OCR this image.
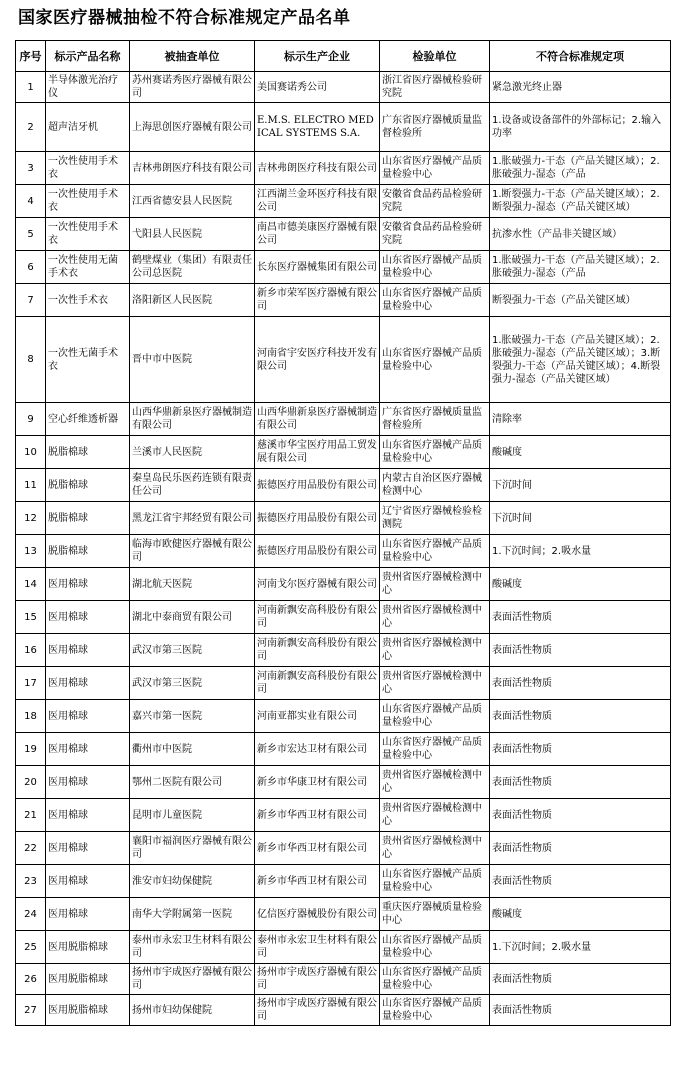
国家医疗器械抽检不符合标准规定产品名单
序号	标示产品名称	被抽查单位	标示生产企业	检验单位	不符合标准规定项
1	半导体激光治疗仪	苏州赛诺秀医疗器械有限公司	美国赛诺秀公司	浙江省医疗器械检验研究院	紧急激光终止器
2	超声洁牙机	上海思创医疗器械有限公司	E.M.S. ELECTRO MEDICAL SYSTEMS S.A.	广东省医疗器械质量监督检验所	1.设备或设备部件的外部标记；2.输入功率
3	一次性使用手术衣	吉林弗朗医疗科技有限公司	吉林弗朗医疗科技有限公司	山东省医疗器械产品质量检验中心	1.胀破强力-干态（产品关键区域）；2.胀破强力-湿态（产品
4	一次性使用手术衣	江西省德安县人民医院	江西湖兰金环医疗科技有限公司	安徽省食品药品检验研究院	1.断裂强力-干态（产品关键区域）；2.断裂强力-湿态（产品关键区域）
5	一次性使用手术衣	弋阳县人民医院	南昌市德美康医疗器械有限公司	安徽省食品药品检验研究院	抗渗水性（产品非关键区域）
6	一次性使用无菌手术衣	鹤壁煤业（集团）有限责任公司总医院	长东医疗器械集团有限公司	山东省医疗器械产品质量检验中心	1.胀破强力-干态（产品关键区域）；2.胀破强力-湿态（产品
7	一次性手术衣	洛阳新区人民医院	新乡市荣军医疗器械有限公司	山东省医疗器械产品质量检验中心	断裂强力-干态（产品关键区域）
8	一次性无菌手术衣	晋中市中医院	河南省宇安医疗科技开发有限公司	山东省医疗器械产品质量检验中心	1.胀破强力-干态（产品关键区域）；2.胀破强力-湿态（产品关键区域）；3.断裂强力-干态（产品关键区域）；4.断裂强力-湿态（产品关键区域）
9	空心纤维透析器	山西华鼎新泉医疗器械制造有限公司	山西华鼎新泉医疗器械制造有限公司	广东省医疗器械质量监督检验所	清除率
10	脱脂棉球	兰溪市人民医院	慈溪市华宝医疗用品工贸发展有限公司	山东省医疗器械产品质量检验中心	酸碱度
11	脱脂棉球	秦皇岛民乐医药连锁有限责任公司	振德医疗用品股份有限公司	内蒙古自治区医疗器械检测中心	下沉时间
12	脱脂棉球	黑龙江省宇邦经贸有限公司	振德医疗用品股份有限公司	辽宁省医疗器械检验检测院	下沉时间
13	脱脂棉球	临海市欧健医疗器械有限公司	振德医疗用品股份有限公司	山东省医疗器械产品质量检验中心	1.下沉时间；2.吸水量
14	医用棉球	湖北航天医院	河南戈尔医疗器械有限公司	贵州省医疗器械检测中心	酸碱度
15	医用棉球	湖北中泰商贸有限公司	河南新飘安高科股份有限公司	贵州省医疗器械检测中心	表面活性物质
16	医用棉球	武汉市第三医院	河南新飘安高科股份有限公司	贵州省医疗器械检测中心	表面活性物质
17	医用棉球	武汉市第三医院	河南新飘安高科股份有限公司	贵州省医疗器械检测中心	表面活性物质
18	医用棉球	嘉兴市第一医院	河南亚都实业有限公司	山东省医疗器械产品质量检验中心	表面活性物质
19	医用棉球	衢州市中医院	新乡市宏达卫材有限公司	山东省医疗器械产品质量检验中心	表面活性物质
20	医用棉球	鄂州二医院有限公司	新乡市华康卫材有限公司	贵州省医疗器械检测中心	表面活性物质
21	医用棉球	昆明市儿童医院	新乡市华西卫材有限公司	贵州省医疗器械检测中心	表面活性物质
22	医用棉球	襄阳市福润医疗器械有限公司	新乡市华西卫材有限公司	贵州省医疗器械检测中心	表面活性物质
23	医用棉球	淮安市妇幼保健院	新乡市华西卫材有限公司	山东省医疗器械产品质量检验中心	表面活性物质
24	医用棉球	南华大学附属第一医院	亿信医疗器械股份有限公司	重庆医疗器械质量检验中心	酸碱度
25	医用脱脂棉球	泰州市永宏卫生材料有限公司	泰州市永宏卫生材料有限公司	山东省医疗器械产品质量检验中心	1.下沉时间；2.吸水量
26	医用脱脂棉球	扬州市宇成医疗器械有限公司	扬州市宇成医疗器械有限公司	山东省医疗器械产品质量检验中心	表面活性物质
27	医用脱脂棉球	扬州市妇幼保健院	扬州市宇成医疗器械有限公司	山东省医疗器械产品质量检验中心	表面活性物质
